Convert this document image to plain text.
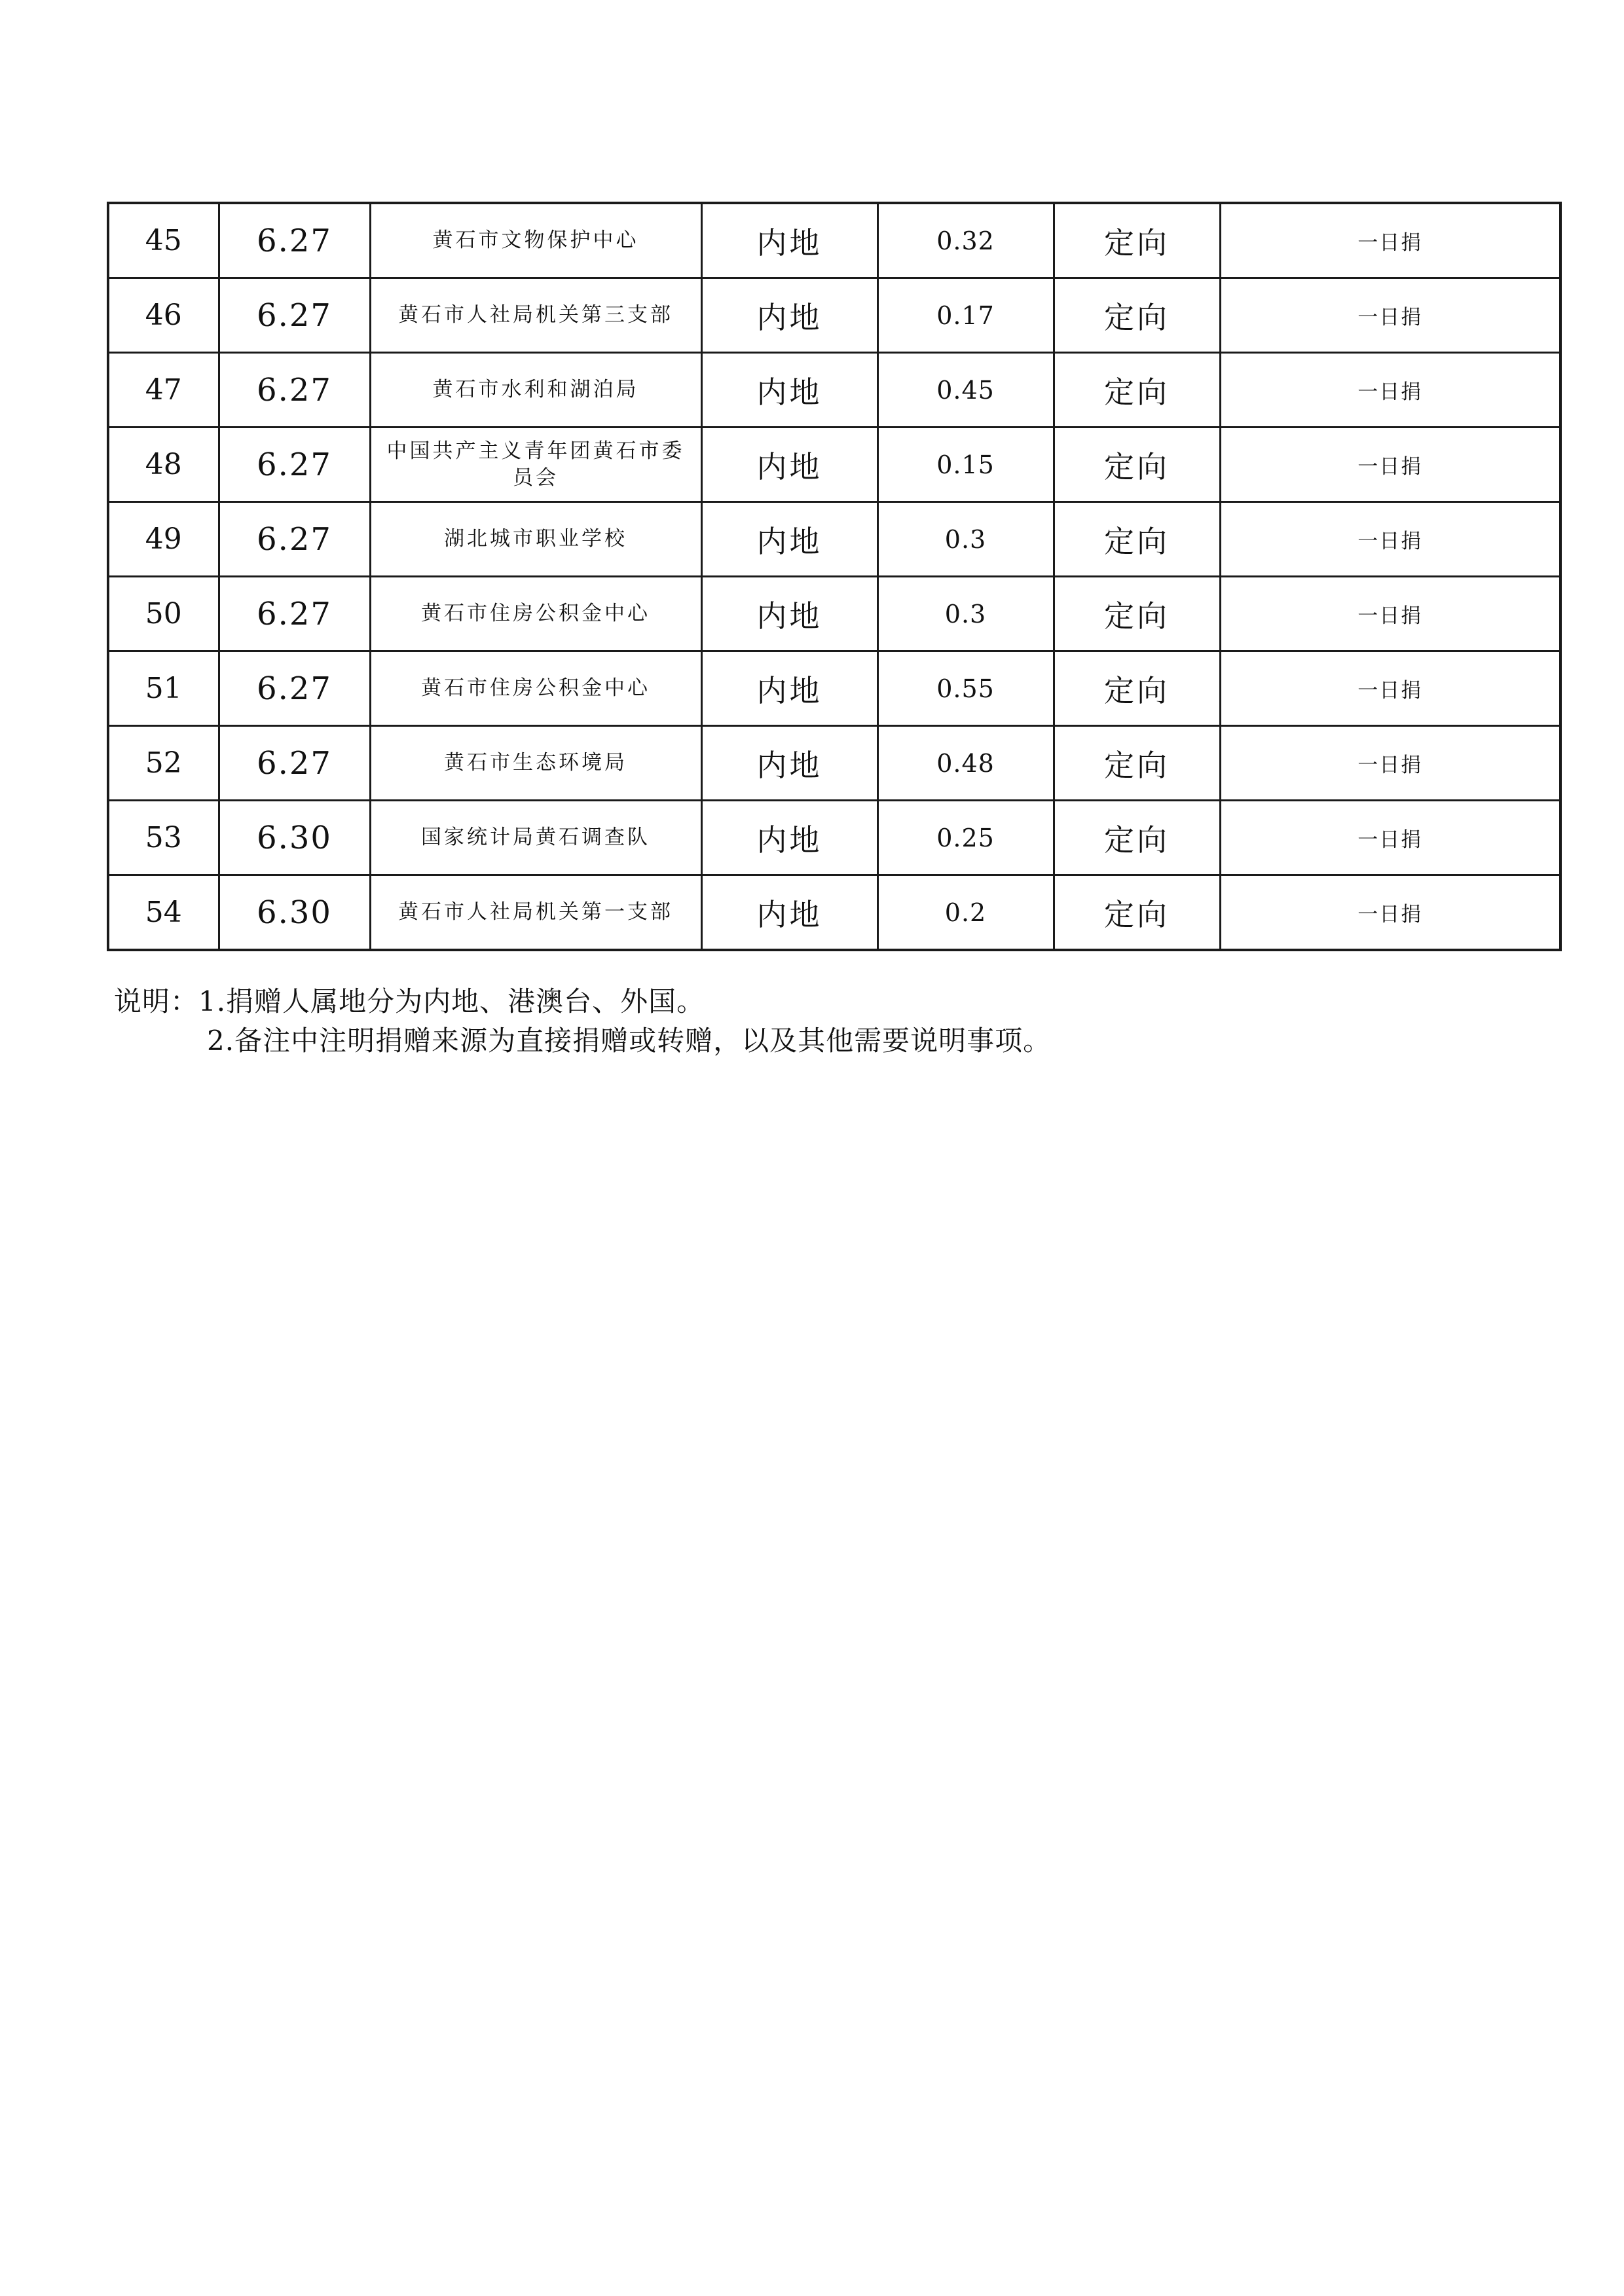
45	6.27	黄石市文物保护中心	内地	0.32	定向	一日捐
46	6.27	黄石市人社局机关第三支部	内地	0.17	定向	一日捐
47	6.27	黄石市水利和湖泊局	内地	0.45	定向	一日捐
48	6.27	中国共产主义青年团黄石市委员会	内地	0.15	定向	一日捐
49	6.27	湖北城市职业学校	内地	0.3	定向	一日捐
50	6.27	黄石市住房公积金中心	内地	0.3	定向	一日捐
51	6.27	黄石市住房公积金中心	内地	0.55	定向	一日捐
52	6.27	黄石市生态环境局	内地	0.48	定向	一日捐
53	6.30	国家统计局黄石调查队	内地	0.25	定向	一日捐
54	6.30	黄石市人社局机关第一支部	内地	0.2	定向	一日捐
说明：1.捐赠人属地分为内地、港澳台、外国。
2.备注中注明捐赠来源为直接捐赠或转赠，以及其他需要说明事项。
